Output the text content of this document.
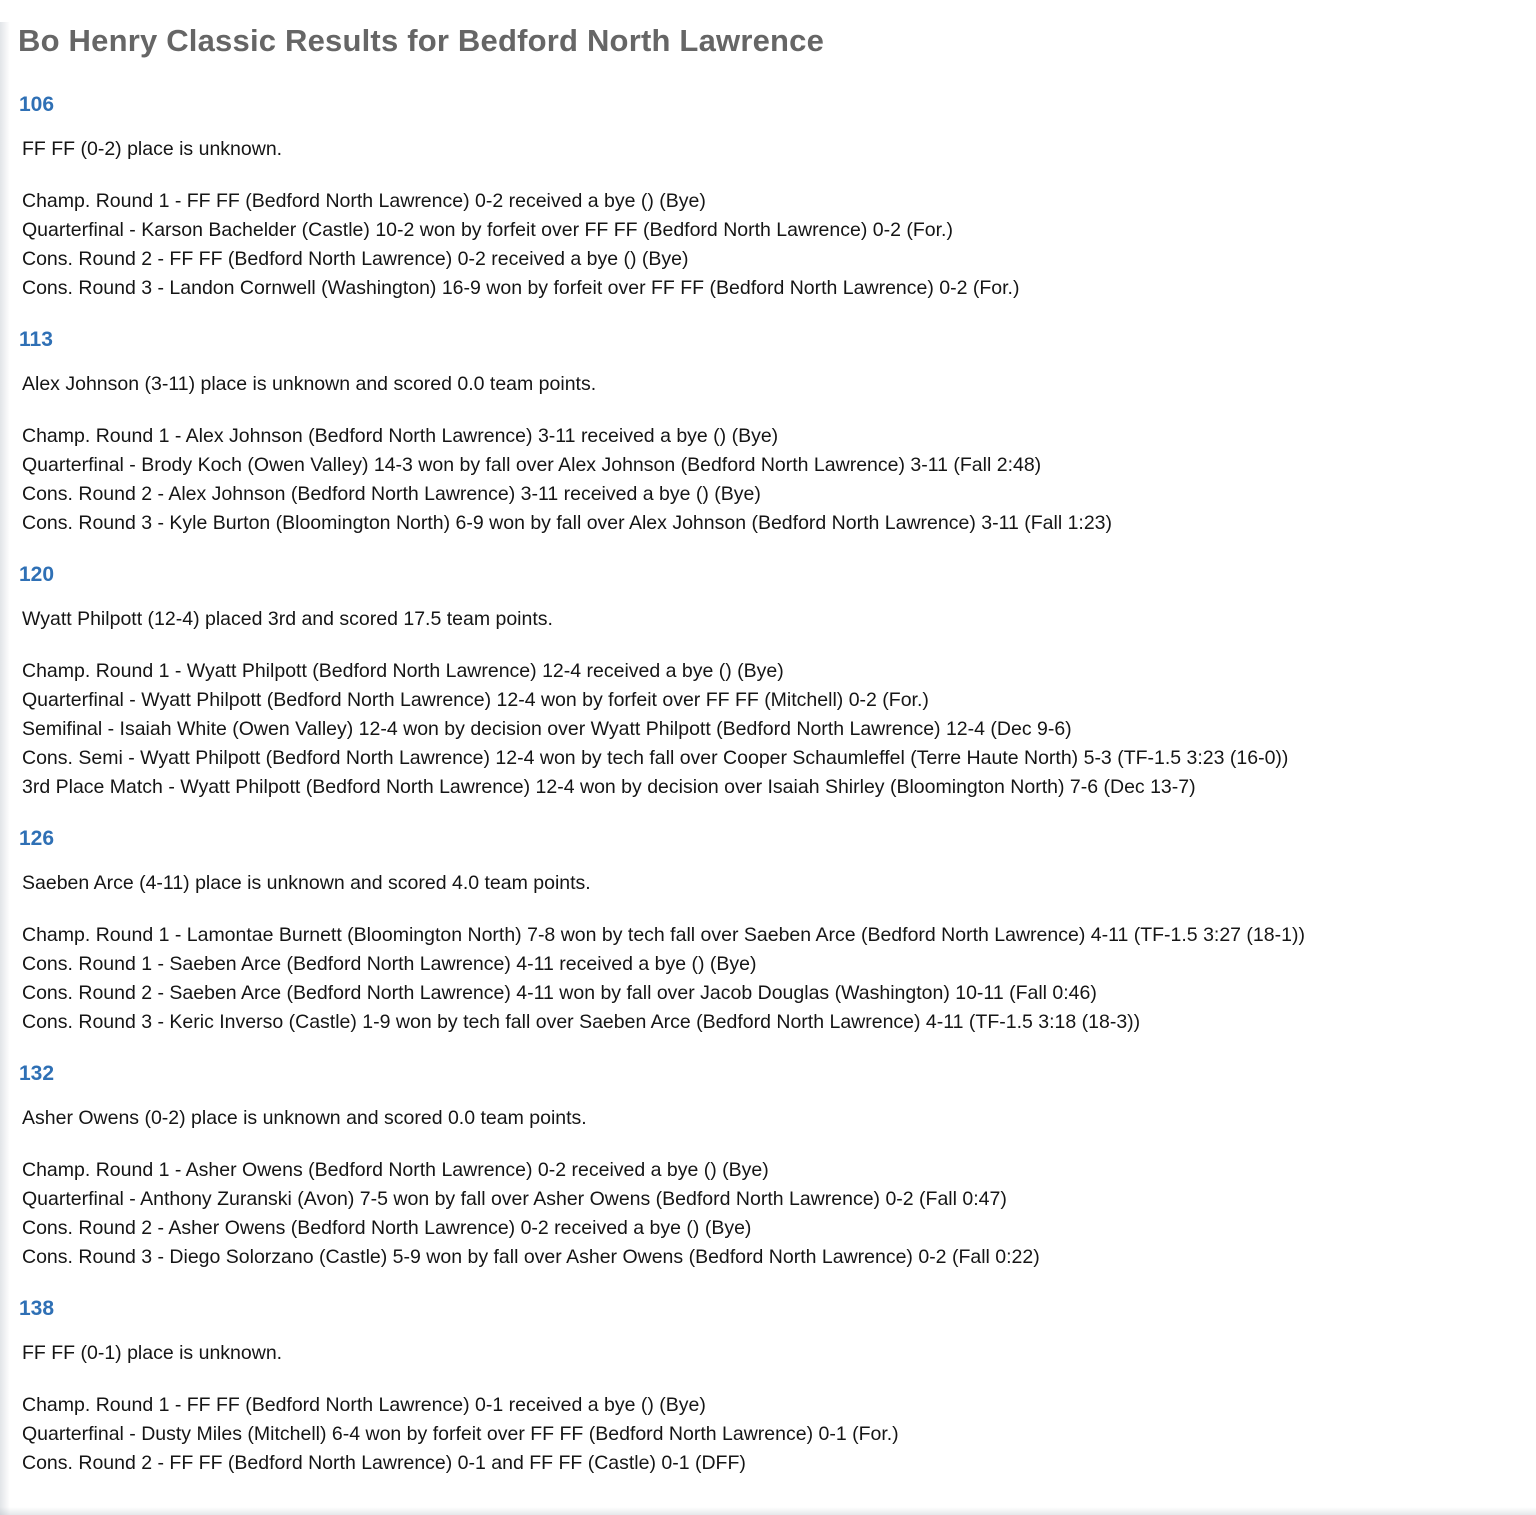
Bo Henry Classic Results for Bedford North Lawrence
106

FF FF (0-2) place is unknown.

Champ. Round 1 - FF FF (Bedford North Lawrence) 0-2 received a bye () (Bye)
Quarterfinal - Karson Bachelder (Castle) 10-2 won by forfeit over FF FF (Bedford North Lawrence) 0-2 (For.)
Cons. Round 2 - FF FF (Bedford North Lawrence) 0-2 received a bye () (Bye)
Cons. Round 3 - Landon Cornwell (Washington) 16-9 won by forfeit over FF FF (Bedford North Lawrence) 0-2 (For.)
113

Alex Johnson (3-11) place is unknown and scored 0.0 team points.

Champ. Round 1 - Alex Johnson (Bedford North Lawrence) 3-11 received a bye () (Bye)
Quarterfinal - Brody Koch (Owen Valley) 14-3 won by fall over Alex Johnson (Bedford North Lawrence) 3-11 (Fall 2:48)
Cons. Round 2 - Alex Johnson (Bedford North Lawrence) 3-11 received a bye () (Bye)
Cons. Round 3 - Kyle Burton (Bloomington North) 6-9 won by fall over Alex Johnson (Bedford North Lawrence) 3-11 (Fall 1:23)
120

Wyatt Philpott (12-4) placed 3rd and scored 17.5 team points.

Champ. Round 1 - Wyatt Philpott (Bedford North Lawrence) 12-4 received a bye () (Bye)
Quarterfinal - Wyatt Philpott (Bedford North Lawrence) 12-4 won by forfeit over FF FF (Mitchell) 0-2 (For.)
Semifinal - Isaiah White (Owen Valley) 12-4 won by decision over Wyatt Philpott (Bedford North Lawrence) 12-4 (Dec 9-6)
Cons. Semi - Wyatt Philpott (Bedford North Lawrence) 12-4 won by tech fall over Cooper Schaumleffel (Terre Haute North) 5-3 (TF-1.5 3:23 (16-0))
3rd Place Match - Wyatt Philpott (Bedford North Lawrence) 12-4 won by decision over Isaiah Shirley (Bloomington North) 7-6 (Dec 13-7)
126

Saeben Arce (4-11) place is unknown and scored 4.0 team points.

Champ. Round 1 - Lamontae Burnett (Bloomington North) 7-8 won by tech fall over Saeben Arce (Bedford North Lawrence) 4-11 (TF-1.5 3:27 (18-1))
Cons. Round 1 - Saeben Arce (Bedford North Lawrence) 4-11 received a bye () (Bye)
Cons. Round 2 - Saeben Arce (Bedford North Lawrence) 4-11 won by fall over Jacob Douglas (Washington) 10-11 (Fall 0:46)
Cons. Round 3 - Keric Inverso (Castle) 1-9 won by tech fall over Saeben Arce (Bedford North Lawrence) 4-11 (TF-1.5 3:18 (18-3))
132

Asher Owens (0-2) place is unknown and scored 0.0 team points.

Champ. Round 1 - Asher Owens (Bedford North Lawrence) 0-2 received a bye () (Bye)
Quarterfinal - Anthony Zuranski (Avon) 7-5 won by fall over Asher Owens (Bedford North Lawrence) 0-2 (Fall 0:47)
Cons. Round 2 - Asher Owens (Bedford North Lawrence) 0-2 received a bye () (Bye)
Cons. Round 3 - Diego Solorzano (Castle) 5-9 won by fall over Asher Owens (Bedford North Lawrence) 0-2 (Fall 0:22)
138

FF FF (0-1) place is unknown.

Champ. Round 1 - FF FF (Bedford North Lawrence) 0-1 received a bye () (Bye)
Quarterfinal - Dusty Miles (Mitchell) 6-4 won by forfeit over FF FF (Bedford North Lawrence) 0-1 (For.)
Cons. Round 2 - FF FF (Bedford North Lawrence) 0-1 and FF FF (Castle) 0-1 (DFF)
